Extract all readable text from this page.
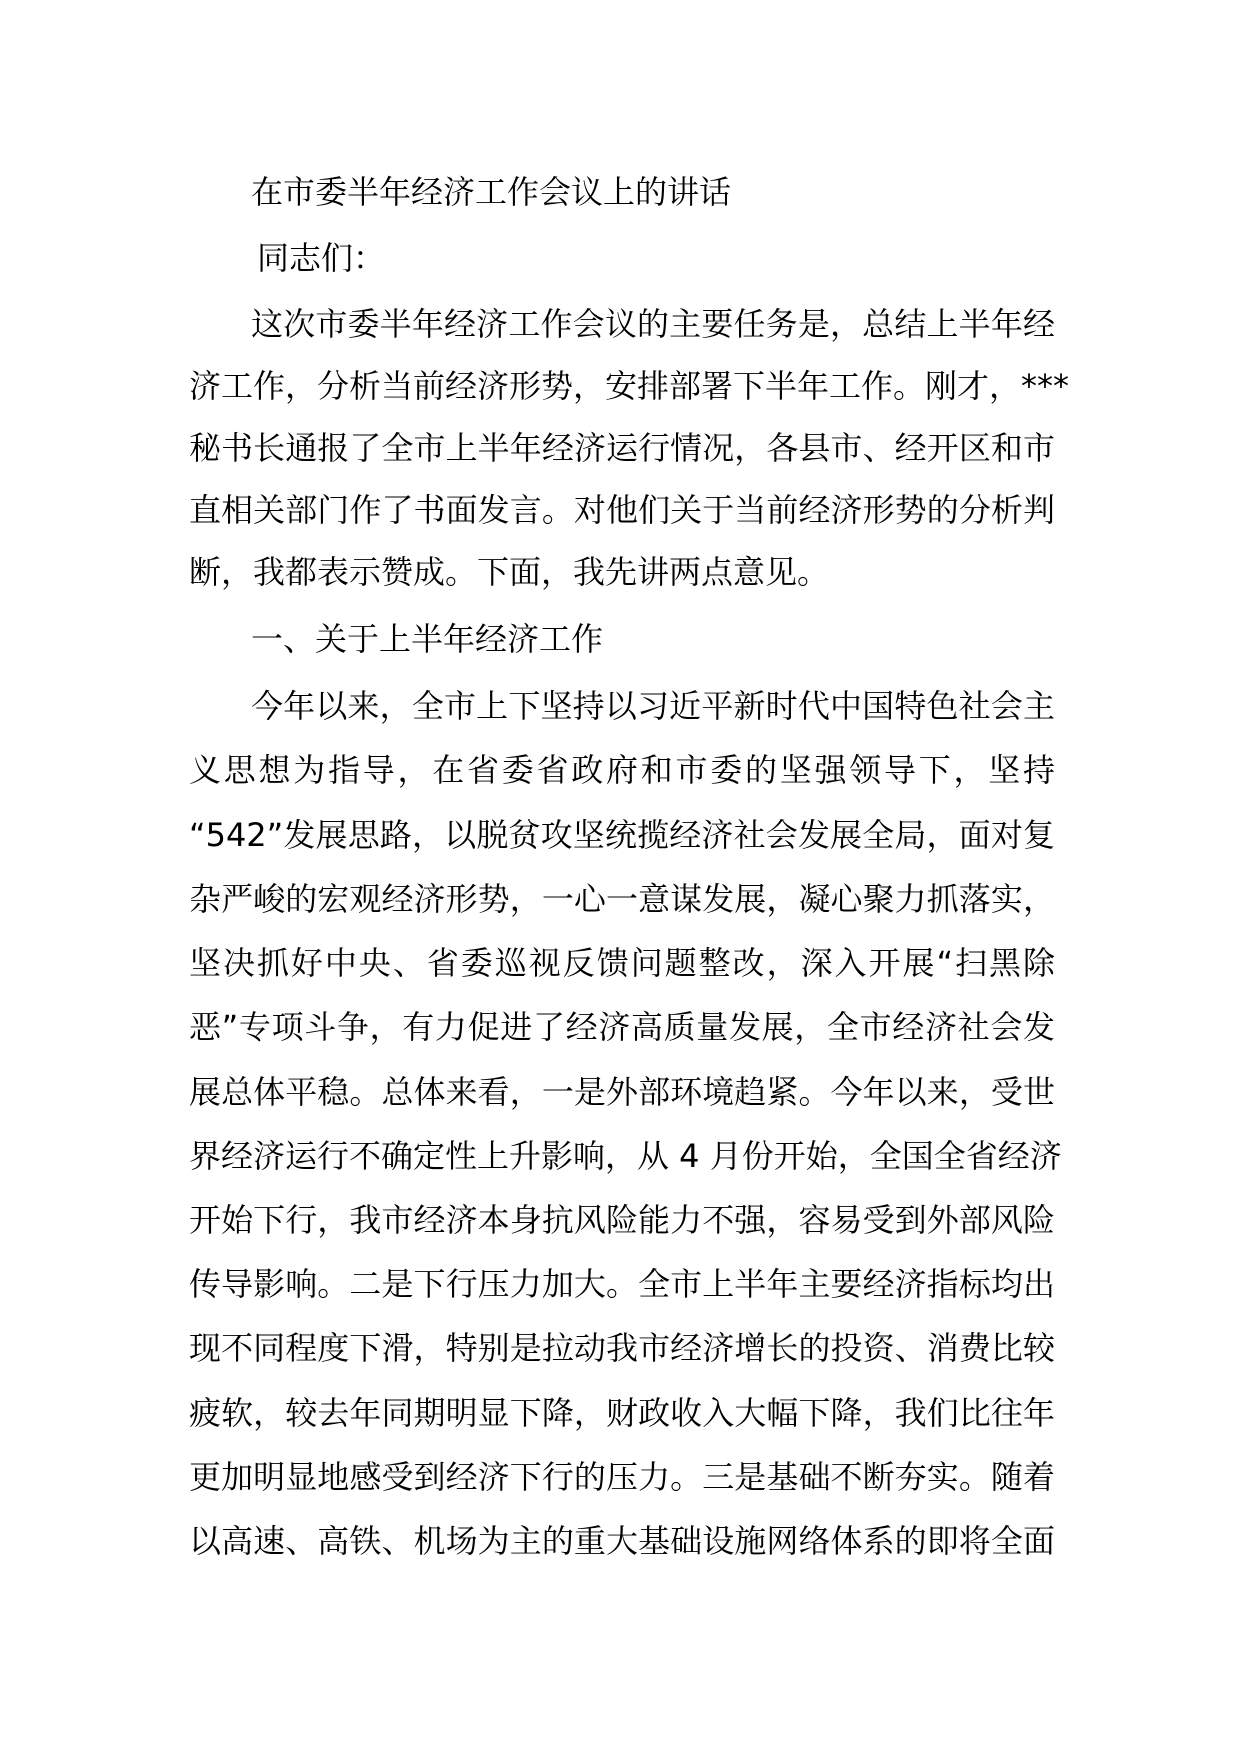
在市委半年经济工作会议上的讲话
同志们：
这次市委半年经济工作会议的主要任务是，总结上半年经
济工作，分析当前经济形势，安排部署下半年工作。刚才，***
秘书长通报了全市上半年经济运行情况，各县市、经开区和市
直相关部门作了书面发言。对他们关于当前经济形势的分析判
断，我都表示赞成。下面，我先讲两点意见。
一、关于上半年经济工作
今年以来，全市上下坚持以习近平新时代中国特色社会主
义思想为指导，在省委省政府和市委的坚强领导下，坚持
“542”发展思路，以脱贫攻坚统揽经济社会发展全局，面对复
杂严峻的宏观经济形势，一心一意谋发展，凝心聚力抓落实，
坚决抓好中央、省委巡视反馈问题整改，深入开展“扫黑除
恶”专项斗争，有力促进了经济高质量发展，全市经济社会发
展总体平稳。总体来看，一是外部环境趋紧。今年以来，受世
界经济运行不确定性上升影响，从 4 月份开始，全国全省经济
开始下行，我市经济本身抗风险能力不强，容易受到外部风险
传导影响。二是下行压力加大。全市上半年主要经济指标均出
现不同程度下滑，特别是拉动我市经济增长的投资、消费比较
疲软，较去年同期明显下降，财政收入大幅下降，我们比往年
更加明显地感受到经济下行的压力。三是基础不断夯实。随着
以高速、高铁、机场为主的重大基础设施网络体系的即将全面
